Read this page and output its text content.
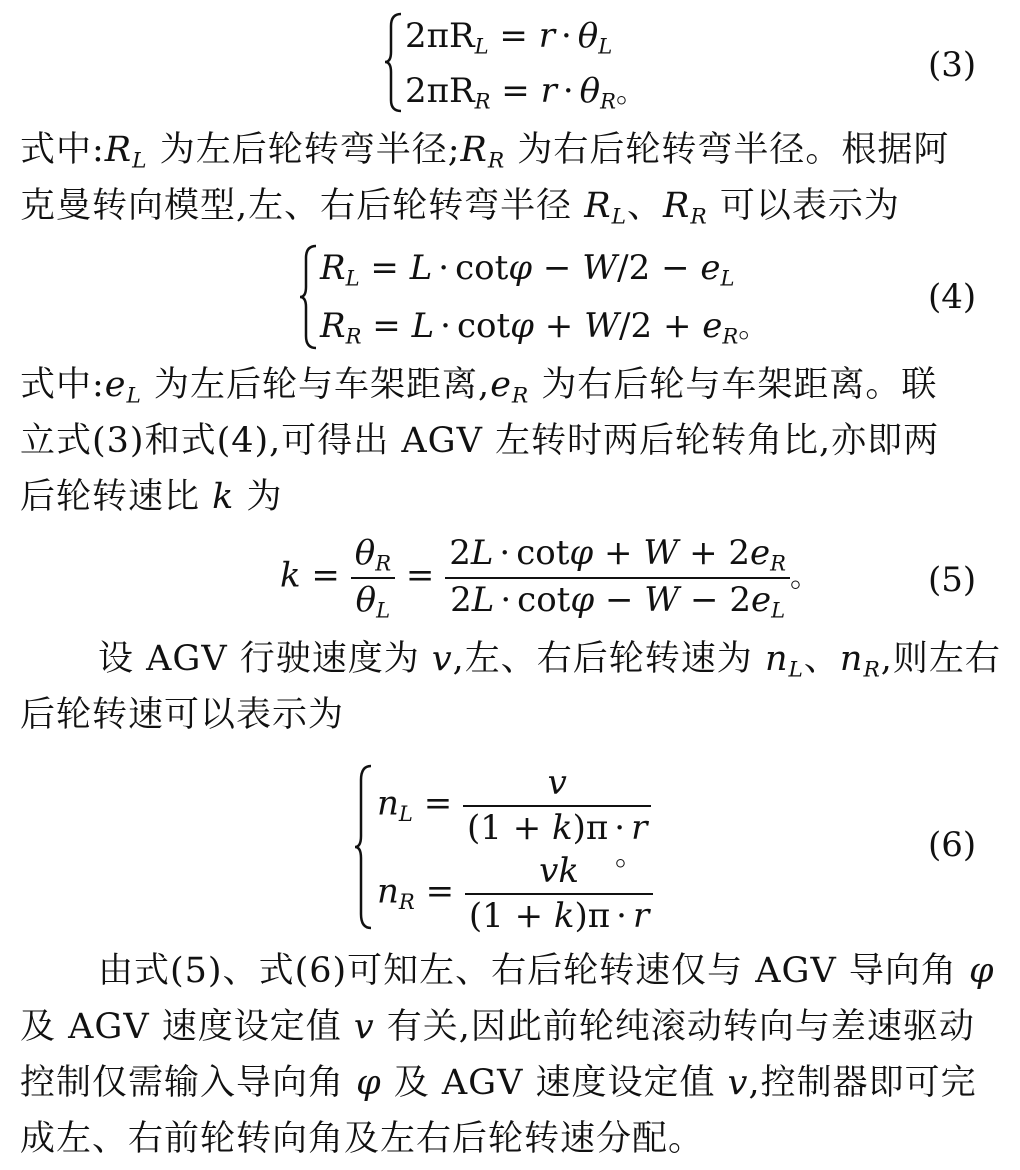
$2\pi R_L = r \cdot \theta_L$
$2\pi R_R = r \cdot \theta_R$。
(3)
式中$:R_L$ 为左后轮转弯半径$;R_R$ 为右后轮转弯半径。根据阿
克曼转向模型,左、右后轮转弯半径 $R_L$、$R_R$ 可以表示为
$R_L = L \cdot \cot\varphi - W/2 - e_L$
$R_R = L \cdot \cot\varphi + W/2 + e_R$。
(4)
式中$:e_L$ 为左后轮与车架距离$,e_R$ 为右后轮与车架距离。联
立式(3)和式(4),可得出 AGV 左转时两后轮转角比,亦即两
后轮转速比 k 为
$k = \frac{\theta_R}{\theta_L} = \frac{2L \cdot \cot\varphi + W + 2e_R}{2L \cdot \cot\varphi - W - 2e_L}$ 。	(5)
设 AGV 行驶速度为 v,左、右后轮转速为 $n_L$、$n_R$,则左右
后轮转速可以表示为
$n_L = \frac{v}{(1 + k)\pi \cdot r}$
$n_R = \frac{vk}{(1 + k)\pi \cdot r}$
。	(6)
由式(5)、式(6)可知左、右后轮转速仅与 AGV 导向角 φ
及 AGV 速度设定值 v 有关,因此前轮纯滚动转向与差速驱动
控制仅需输入导向角 φ 及 AGV 速度设定值 v,控制器即可完
成左、右前轮转向角及左右后轮转速分配。
